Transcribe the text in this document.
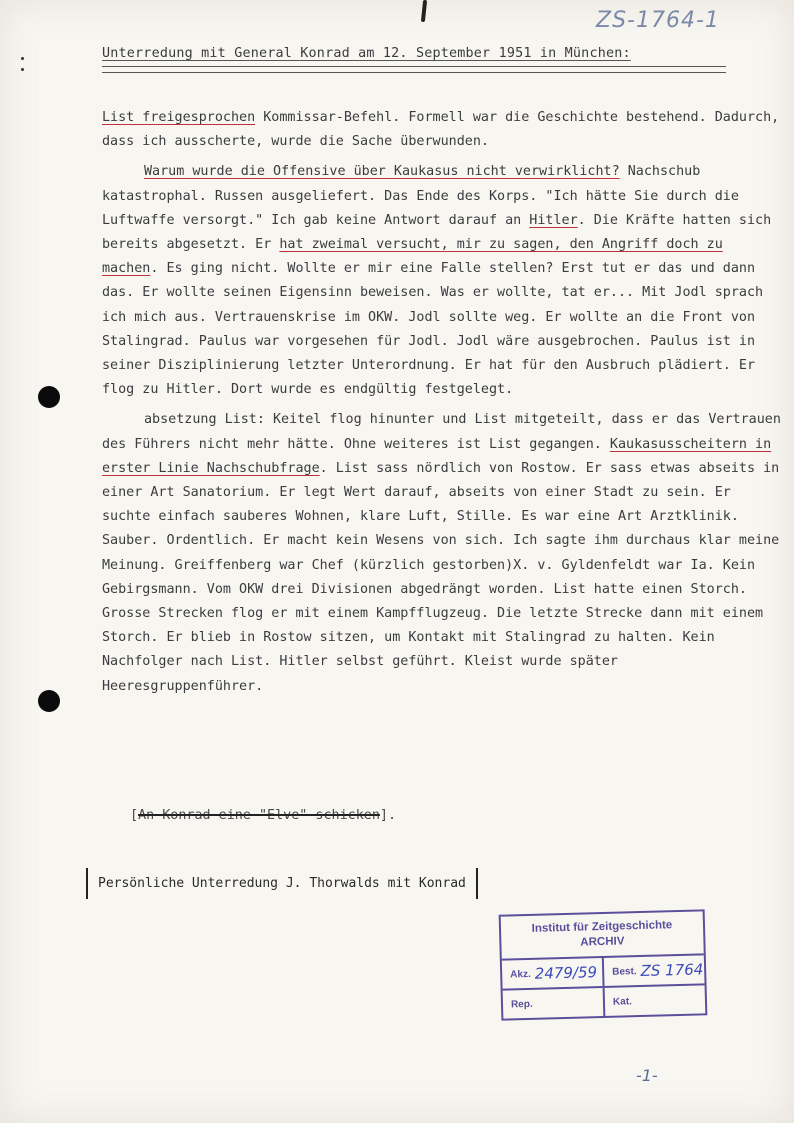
ZS-1764-1
Unterredung mit General Konrad am 12. September 1951 in München:

List freigesprochen Kommissar-Befehl. Formell war die Geschichte bestehend. Dadurch, dass ich ausscherte, wurde die Sache überwunden.

Warum wurde die Offensive über Kaukasus nicht verwirklicht? Nachschub katastrophal. Russen ausgeliefert. Das Ende des Korps. "Ich hätte Sie durch die Luftwaffe versorgt." Ich gab keine Antwort darauf an Hitler. Die Kräfte hatten sich bereits abgesetzt. Er hat zweimal versucht, mir zu sagen, den Angriff doch zu machen. Es ging nicht. Wollte er mir eine Falle stellen? Erst tut er das und dann das. Er wollte seinen Eigensinn beweisen. Was er wollte, tat er... Mit Jodl sprach ich mich aus. Vertrauenskrise im OKW. Jodl sollte weg. Er wollte an die Front von Stalingrad. Paulus war vorgesehen für Jodl. Jodl wäre ausgebrochen. Paulus ist in seiner Disziplinierung letzter Unterordnung. Er hat für den Ausbruch plädiert. Er flog zu Hitler. Dort wurde es endgültig festgelegt.

absetzung List: Keitel flog hinunter und List mitgeteilt, dass er das Vertrauen des Führers nicht mehr hätte. Ohne weiteres ist List gegangen. Kaukasusscheitern in erster Linie Nachschubfrage. List sass nördlich von Rostow. Er sass etwas abseits in einer Art Sanatorium. Er legt Wert darauf, abseits von einer Stadt zu sein. Er suchte einfach sauberes Wohnen, klare Luft, Stille. Es war eine Art Arztklinik. Sauber. Ordentlich. Er macht kein Wesens von sich. Ich sagte ihm durchaus klar meine Meinung. Greiffenberg war Chef (kürzlich gestorben)X. v. Gyldenfeldt war Ia. Kein Gebirgsmann. Vom OKW drei Divisionen abgedrängt worden. List hatte einen Storch. Grosse Strecken flog er mit einem Kampfflugzeug. Die letzte Strecke dann mit einem Storch. Er blieb in Rostow sitzen, um Kontakt mit Stalingrad zu halten. Kein Nachfolger nach List. Hitler selbst geführt. Kleist wurde später Heeresgruppenführer.

[An Konrad eine "Elve" schicken].
Persönliche Unterredung J. Thorwalds mit Konrad
Institut für Zeitgeschichte
ARCHIV
Akz. 2479/59 Best. ZS 1764
Rep.	Kat.
-1-
